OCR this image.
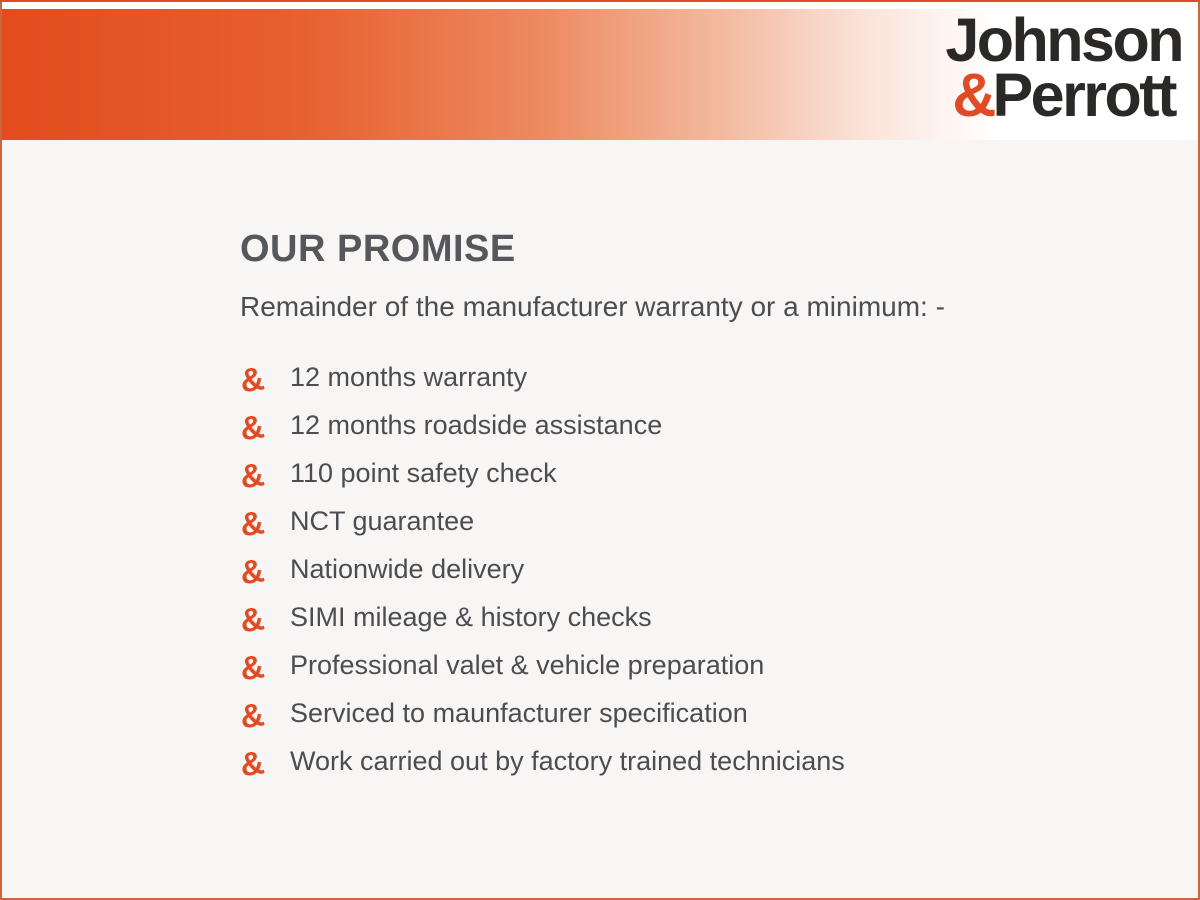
Johnson
&Perrott
OUR PROMISE

Remainder of the manufacturer warranty or a minimum: -

& 12 months warranty
& 12 months roadside assistance
& 110 point safety check
& NCT guarantee
& Nationwide delivery
& SIMI mileage & history checks
& Professional valet & vehicle preparation
& Serviced to maunfacturer specification
& Work carried out by factory trained technicians
